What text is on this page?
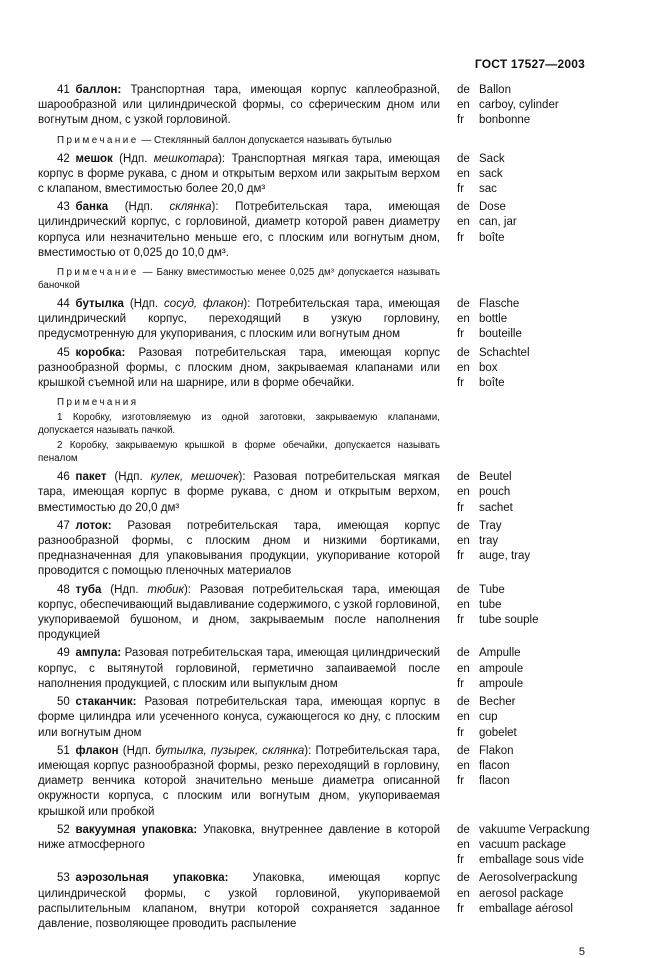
ГОСТ 17527—2003

41  баллон: Транспортная тара, имеющая корпус каплеобразной, шарообразной или цилиндрической формы, со сферическим дном или вогнутым дном, с узкой горловиной.

Примечание — Стеклянный баллон допускается называть бутылью
de Ballon
en carboy, cylinder
fr bonbonne

42  мешок (Ндп. мешкотара): Транспортная мягкая тара, имеющая корпус в форме рукава, с дном и открытым верхом или закрытым верхом с клапаном, вместимостью более 20,0 дм³

de Sack
en sack
fr sac

43  банка (Ндп. склянка): Потребительская тара, имеющая цилиндрический корпус, с горловиной, диаметр которой равен диаметру корпуса или незначительно меньше его, с плоским или вогнутым дном, вместимостью от 0,025 до 10,0 дм³.

Примечание — Банку вместимостью менее 0,025 дм³ допускается называть баночкой
de Dose
en can, jar
fr boîte

44  бутылка (Ндп. сосуд, флакон): Потребительская тара, имеющая цилиндрический корпус, переходящий в узкую горловину, предусмотренную для укупоривания, с плоским или вогнутым дном

de Flasche
en bottle
fr bouteille

45  коробка: Разовая потребительская тара, имеющая корпус разнообразной формы, с плоским дном, закрываемая клапанами или крышкой съемной или на шарнире, или в форме обечайки.

Примечания
1 Коробку, изготовляемую из одной заготовки, закрываемую клапанами, допускается называть пачкой.
2 Коробку, закрываемую крышкой в форме обечайки, допускается называть пеналом
de Schachtel
en box
fr boîte

46  пакет (Ндп. кулек, мешочек): Разовая потребительская мягкая тара, имеющая корпус в форме рукава, с дном и открытым верхом, вместимостью до 20,0 дм³

de Beutel
en pouch
fr sachet

47  лоток: Разовая потребительская тара, имеющая корпус разнообразной формы, с плоским дном и низкими бортиками, предназначенная для упаковывания продукции, укупоривание которой проводится с помощью пленочных материалов

de Tray
en tray
fr auge, tray

48  туба (Ндп. тюбик): Разовая потребительская тара, имеющая корпус, обеспечивающий выдавливание содержимого, с узкой горловиной, укупориваемой бушоном, и дном, закрываемым после наполнения продукцией

de Tube
en tube
fr tube souple

49  ампула: Разовая потребительская тара, имеющая цилиндрический корпус, с вытянутой горловиной, герметично запаиваемой после наполнения продукцией, с плоским или выпуклым дном

de Ampulle
en ampoule
fr ampoule

50  стаканчик: Разовая потребительская тара, имеющая корпус в форме цилиндра или усеченного конуса, сужающегося ко дну, с плоским или вогнутым дном

de Becher
en cup
fr gobelet

51  флакон (Ндп. бутылка, пузырек, склянка): Потребительская тара, имеющая корпус разнообразной формы, резко переходящий в горловину, диаметр венчика которой значительно меньше диаметра описанной окружности корпуса, с плоским или вогнутым дном, укупориваемая крышкой или пробкой

de Flakon
en flacon
fr flacon

52  вакуумная упаковка: Упаковка, внутреннее давление в которой ниже атмосферного

de vakuume Verpackung
en vacuum package
fr emballage sous vide

53  аэрозольная упаковка: Упаковка, имеющая корпус цилиндрической формы, с узкой горловиной, укупориваемой распылительным клапаном, внутри которой сохраняется заданное давление, позволяющее проводить распыление

de Aerosolverpackung
en aerosol package
fr emballage aérosol
5
